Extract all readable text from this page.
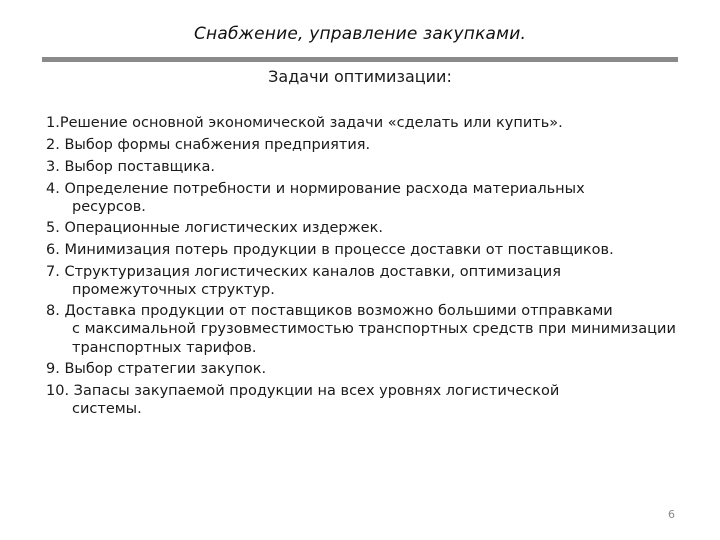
Снабжение, управление закупками.
Задачи оптимизации:
1.Решение основной экономической задачи «сделать или купить».
2. Выбор формы снабжения предприятия.
3. Выбор поставщика.
4. Определение потребности и нормирование расхода материальных
ресурсов.
5. Операционные логистических издержек.
6. Минимизация потерь продукции в процессе доставки от поставщиков.
7. Структуризация логистических каналов доставки, оптимизация
промежуточных структур.
8. Доставка продукции от поставщиков возможно большими отправками
с максимальной грузовместимостью транспортных средств при минимизации транспортных тарифов.
9. Выбор стратегии закупок.
10. Запасы закупаемой продукции на всех уровнях логистической
системы.
6
